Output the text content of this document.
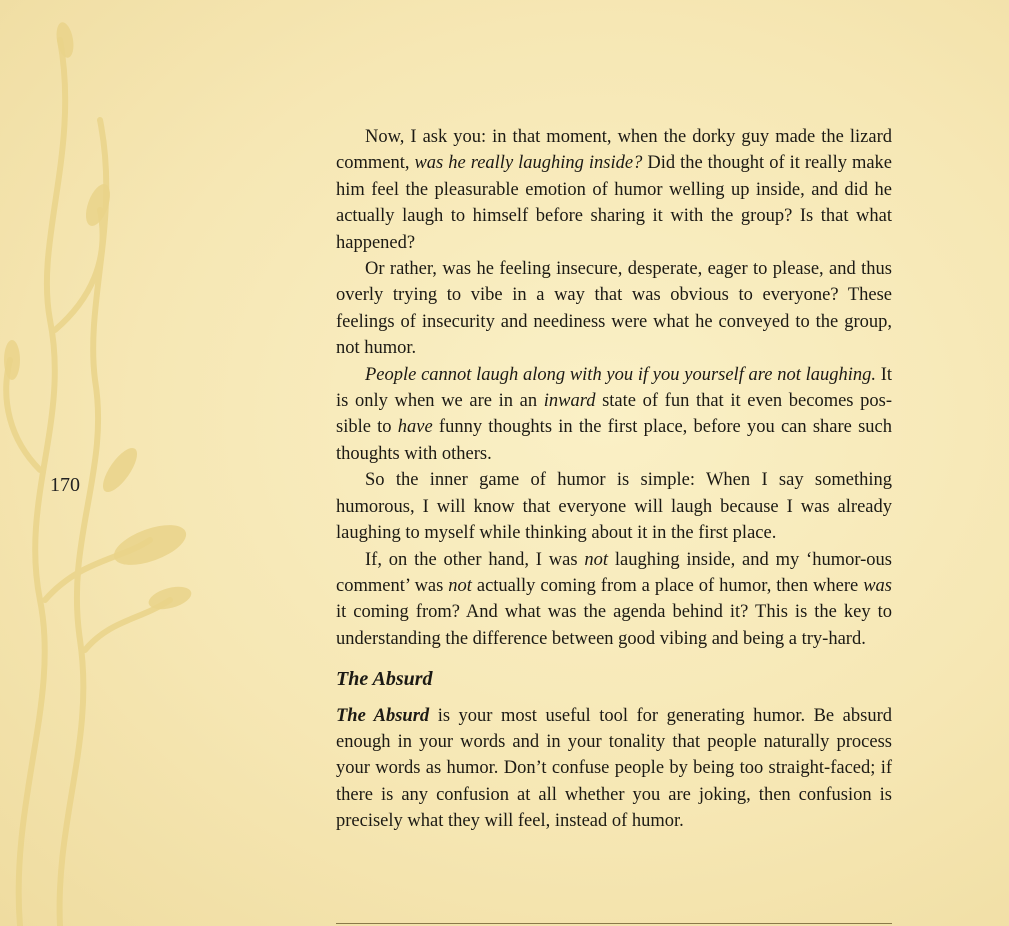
170

Now, I ask you: in that moment, when the dorky guy made the lizard comment, was he really laughing inside? Did the thought of it really make him feel the pleasurable emotion of humor welling up inside, and did he actually laugh to himself before sharing it with the group? Is that what happened?

Or rather, was he feeling insecure, desperate, eager to please, and thus overly trying to vibe in a way that was obvious to everyone? These feelings of insecurity and neediness were what he conveyed to the group, not humor.

People cannot laugh along with you if you yourself are not laughing. It is only when we are in an inward state of fun that it even becomes pos-sible to have funny thoughts in the first place, before you can share such thoughts with others.

So the inner game of humor is simple: When I say something humorous, I will know that everyone will laugh because I was already laughing to myself while thinking about it in the first place.

If, on the other hand, I was not laughing inside, and my ‘humor-ous comment’ was not actually coming from a place of humor, then where was it coming from? And what was the agenda behind it? This is the key to understanding the difference between good vibing and being a try-hard.

The Absurd

The Absurd is your most useful tool for generating humor. Be absurd enough in your words and in your tonality that people naturally process your words as humor. Don’t confuse people by being too straight-faced; if there is any confusion at all whether you are joking, then confusion is precisely what they will feel, instead of humor.
